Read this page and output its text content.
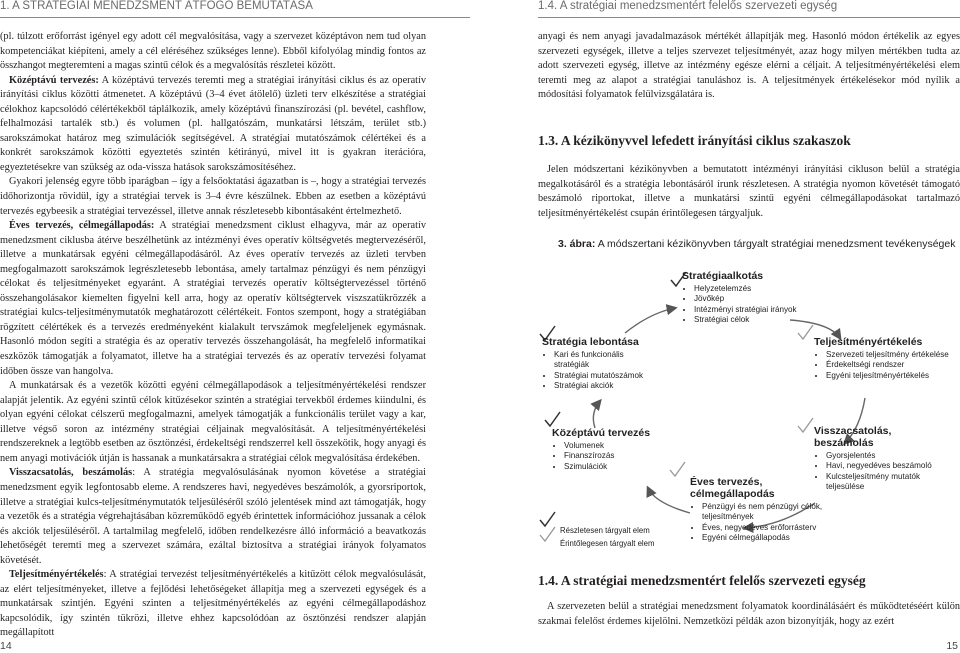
1. A STRATÉGIAI MENEDZSMENT ÁTFOGÓ BEMUTATÁSA	1.4. A stratégiai menedzsmentért felelős szervezeti egység

(pl. túlzott erőforrást igényel egy adott cél megvalósítása, vagy a szervezet középtávon nem tud olyan kompetenciákat kiépíteni, amely a cél eléréséhez szükséges lenne). Ebből kifolyólag mindig fontos az összhangot megteremteni a magas szintű célok és a megvalósítás részletei között.

Középtávú tervezés: A középtávú tervezés teremti meg a stratégiai irányítási ciklus és az operatív irányítási ciklus közötti átmenetet. A középtávú (3–4 évet átölelő) üzleti terv elkészítése a stratégiai célokhoz kapcsolódó célértékekből táplálkozik, amely középtávú finanszírozási (pl. bevétel, cashflow, felhalmozási tartalék stb.) és volumen (pl. hallgatószám, munkatársi létszám, terület stb.) sarokszámokat határoz meg szimulációk segítségével. A stratégiai mutatószámok célértékei és a konkrét sarokszámok közötti egyeztetés szintén kétirányú, mivel itt is gyakran iterációra, egyeztetésekre van szükség az oda-vissza hatások sarokszámosítéséhez.

Gyakori jelenség egyre több iparágban – így a felsőoktatási ágazatban is –, hogy a stratégiai tervezés időhorizontja rövidül, így a stratégiai tervek is 3–4 évre készülnek. Ebben az esetben a középtávú tervezés egybeesik a stratégiai tervezéssel, illetve annak részletesebb kibontásaként értelmezhető.

Éves tervezés, célmegállapodás: A stratégiai menedzsment ciklust elhagyva, már az operatív menedzsment ciklusba átérve beszélhetünk az intézményi éves operatív költségvetés megtervezéséről, illetve a munkatársak egyéni célmegállapodásáról. Az éves operatív tervezés az üzleti tervben megfogalmazott sarokszámok legrészletesebb lebontása, amely tartalmaz pénzügyi és nem pénzügyi célokat és teljesítményeket egyaránt. A stratégiai tervezés operatív költségtervezéssel történő összehangolásakor kiemelten figyelni kell arra, hogy az operatív költségtervek viszszatükrözzék a stratégiai kulcs-teljesítménymutatók meghatározott célértékeit. Fontos szempont, hogy a stratégiában rögzített célértékek és a tervezés eredményeként kialakult tervszámok megfeleljenek egymásnak. Hasonló módon segíti a stratégia és az operatív tervezés összehangolását, ha megfelelő informatikai eszközök támogatják a folyamatot, illetve ha a stratégiai tervezés és az operatív tervezési folyamat időben össze van hangolva.

A munkatársak és a vezetők közötti egyéni célmegállapodások a teljesítményértékelési rendszer alapját jelentik. Az egyéni szintű célok kitűzésekor szintén a stratégiai tervekből érdemes kiindulni, és olyan egyéni célokat célszerű megfogalmazni, amelyek támogatják a funkcionális terület vagy a kar, illetve végső soron az intézmény stratégiai céljainak megvalósítását. A teljesítményértékelési rendszereknek a legtöbb esetben az ösztönzési, érdekeltségi rendszerrel kell összekötik, hogy anyagi és nem anyagi motivációk útján is hassanak a munkatársakra a stratégiai célok megvalósítása érdekében.

Visszacsatolás, beszámolás: A stratégia megvalósulásának nyomon követése a stratégiai menedzsment egyik legfontosabb eleme. A rendszeres havi, negyedéves beszámolók, a gyorsriportok, illetve a stratégiai kulcs-teljesítménymutatók teljesüléséről szóló jelentések mind azt támogatják, hogy a vezetők és a stratégia végrehajtásában közreműködő egyéb érintettek információhoz jussanak a célok és akciók teljesüléséről. A tartalmilag megfelelő, időben rendelkezésre álló információ a beavatkozás lehetőségét teremti meg a szervezet számára, ezáltal biztosítva a stratégiai irányok folyamatos követését.

Teljesítményértékelés: A stratégiai tervezést teljesítményértékelés a kitűzött célok megvalósulását, az elért teljesítményeket, illetve a fejlődési lehetőségeket állapítja meg a szervezeti egységek és a munkatársak szintjén. Egyéni szinten a teljesítményértékelés az egyéni célmegállapodáshoz kapcsolódik, így szintén tükrözi, illetve ehhez kapcsolódóan az ösztönzési rendszer alapján megállapított

anyagi és nem anyagi javadalmazások mértékét állapítják meg. Hasonló módon értékelik az egyes szervezeti egységek, illetve a teljes szervezet teljesítményét, azaz hogy milyen mértékben tudta az adott szervezeti egység, illetve az intézmény egésze elérni a céljait. A teljesítményértékelési elem teremti meg az alapot a stratégiai tanuláshoz is. A teljesítmények értékelésekor mód nyílik a módosítási folyamatok felülvizsgálatára is.

1.3. A kézikönyvvel lefedett irányítási ciklus szakaszok

Jelen módszertani kézikönyvben a bemutatott intézményi irányítási cikluson belül a stratégia megalkotásáról és a stratégia lebontásáról írunk részletesen. A stratégia nyomon követését támogató beszámoló riportokat, illetve a munkatársi szintű egyéni célmegállapodásokat tartalmazó teljesítményértékelést csupán érintőlegesen tárgyaljuk.

3. ábra: A módszertani kézikönyvben tárgyalt stratégiai menedzsment tevékenységek
Stratégiaalkotás
• Helyzetelemzés
• Jövőkép
• Intézményi stratégiai irányok
• Stratégiai célok
Stratégia lebontása
• Kari és funkcionális stratégiák
• Stratégiai mutatószámok
• Stratégiai akciók
Teljesítményértékelés
• Szervezeti teljesítmény értékelése
• Érdekeltségi rendszer
• Egyéni teljesítményértékelés
Középtávú tervezés
• Volumenek
• Finanszírozás
• Szimulációk
Visszacsatolás, beszámolás
• Gyorsjelentés
• Havi, negyedéves beszámoló
• Kulcsteljesítmény mutatók teljesülése
Éves tervezés, célmegállapodás
• Pénzügyi és nem pénzügyi célok, teljesítmények
• Éves, negyedéves erőforrásterv
• Egyéni célmegállapodás
Részletesen tárgyalt elem
Érintőlegesen tárgyalt elem
1.4. A stratégiai menedzsmentért felelős szervezeti egység

A szervezeten belül a stratégiai menedzsment folyamatok koordinálásáért és működtetéséért külön szakmai felelőst érdemes kijelölni. Nemzetközi példák azon bizonyítják, hogy az ezért

14	15
